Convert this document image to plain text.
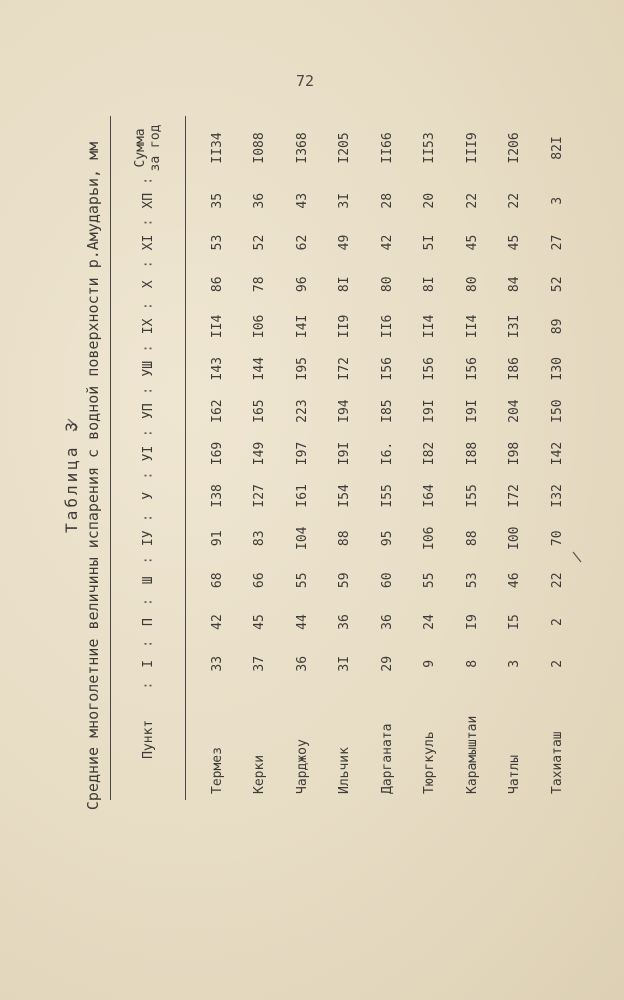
72
Таблица 3 Средние многолетние величины испарения с водной поверхности р.Амударьи, мм	Пункт :	I :	П :	Ш :	ІУ :	У :	УІ :	УП :	УШ :	ІХ :	Х :	ХІ :	ХП :	Сумма за год

Термез	33	42	68	91	I38	I69	I62	I43	II4	86	53	35	II34
Керки	37	45	66	83	I27	I49	I65	I44	I06	78	52	36	I088
Чарджоу	36	44	55	I04	I61	I97	223	I95	I4I	96	62	43	I368
Ильчик	3I	36	59	88	I54	I9I	I94	I72	II9	8I	49	3I	I205
Дарганата	29	36	60	95	I55	I6.	I85	I56	II6	80	42	28	II66
Тюргкуль	9	24	55	I06	I64	I82	I9I	I56	II4	8I	5I	20	II53
Карамыштаи	8	I9	53	88	I55	I88	I9I	I56	II4	80	45	22	III9
Чатлы	3	I5	46	I00	I72	I98	204	I86	I3I	84	45	22	I206
Тахиаташ	2	2	22	70	I32	I42	I50	I30	89	52	27	3	82I
